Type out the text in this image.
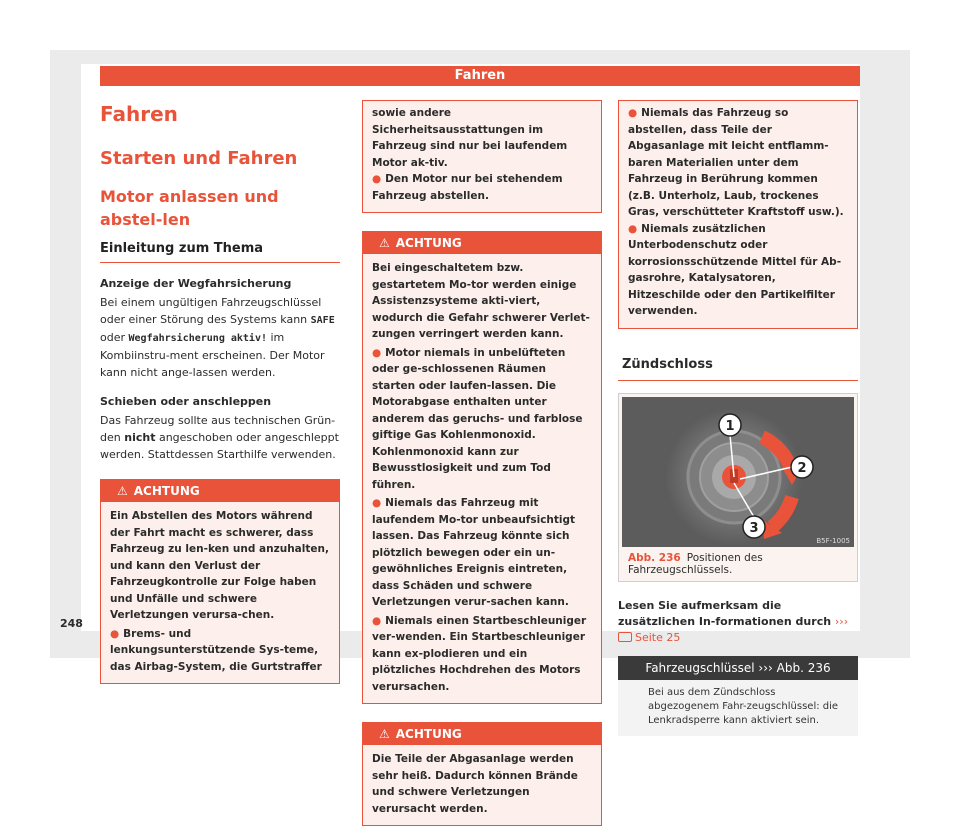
Fahren
Fahren
Starten und Fahren
Motor anlassen und abstel-len
Einleitung zum Thema
Anzeige der Wegfahrsicherung

Bei einem ungültigen Fahrzeugschlüssel oder einer Störung des Systems kann SAFE oder Wegfahrsicherung aktiv! im Kombiinstru-ment erscheinen. Der Motor kann nicht ange-lassen werden.

Schieben oder anschleppen

Das Fahrzeug sollte aus technischen Grün-den nicht angeschoben oder angeschleppt werden. Stattdessen Starthilfe verwenden.

⚠ ACHTUNG
Ein Abstellen des Motors während der Fahrt macht es schwerer, dass Fahrzeug zu len-ken und anzuhalten, und kann den Verlust der Fahrzeugkontrolle zur Folge haben und Unfälle und schwere Verletzungen verursa-chen.
● Brems- und lenkungsunterstützende Sys-teme, das Airbag-System, die Gurtstraffer
sowie andere Sicherheitsausstattungen im Fahrzeug sind nur bei laufendem Motor ak-tiv.
● Den Motor nur bei stehendem Fahrzeug abstellen.
⚠ ACHTUNG
Bei eingeschaltetem bzw. gestartetem Mo-tor werden einige Assistenzsysteme akti-viert, wodurch die Gefahr schwerer Verlet-zungen verringert werden kann.
● Motor niemals in unbelüfteten oder ge-schlossenen Räumen starten oder laufen-lassen. Die Motorabgase enthalten unter anderem das geruchs- und farblose giftige Gas Kohlenmonoxid. Kohlenmonoxid kann zur Bewusstlosigkeit und zum Tod führen.
● Niemals das Fahrzeug mit laufendem Mo-tor unbeaufsichtigt lassen. Das Fahrzeug könnte sich plötzlich bewegen oder ein un-gewöhnliches Ereignis eintreten, dass Schäden und schwere Verletzungen verur-sachen kann.
● Niemals einen Startbeschleuniger ver-wenden. Ein Startbeschleuniger kann ex-plodieren und ein plötzliches Hochdrehen des Motors verursachen.
⚠ ACHTUNG
Die Teile der Abgasanlage werden sehr heiß. Dadurch können Brände und schwere Verletzungen verursacht werden.
● Niemals das Fahrzeug so abstellen, dass Teile der Abgasanlage mit leicht entflamm-baren Materialien unter dem Fahrzeug in Berührung kommen (z.B. Unterholz, Laub, trockenes Gras, verschütteter Kraftstoff usw.).
● Niemals zusätzlichen Unterbodenschutz oder korrosionsschützende Mittel für Ab-gasrohre, Katalysatoren, Hitzeschilde oder den Partikelfilter verwenden.
Zündschloss
1
2
3
B5F-1005
Abb. 236 Positionen des Fahrzeugschlüssels.
Lesen Sie aufmerksam die zusätzlichen In-formationen durch ››› Seite 25
Fahrzeugschlüssel ››› Abb. 236
Bei aus dem Zündschloss abgezogenem Fahr-zeugschlüssel: die Lenkradsperre kann aktiviert sein.
248
